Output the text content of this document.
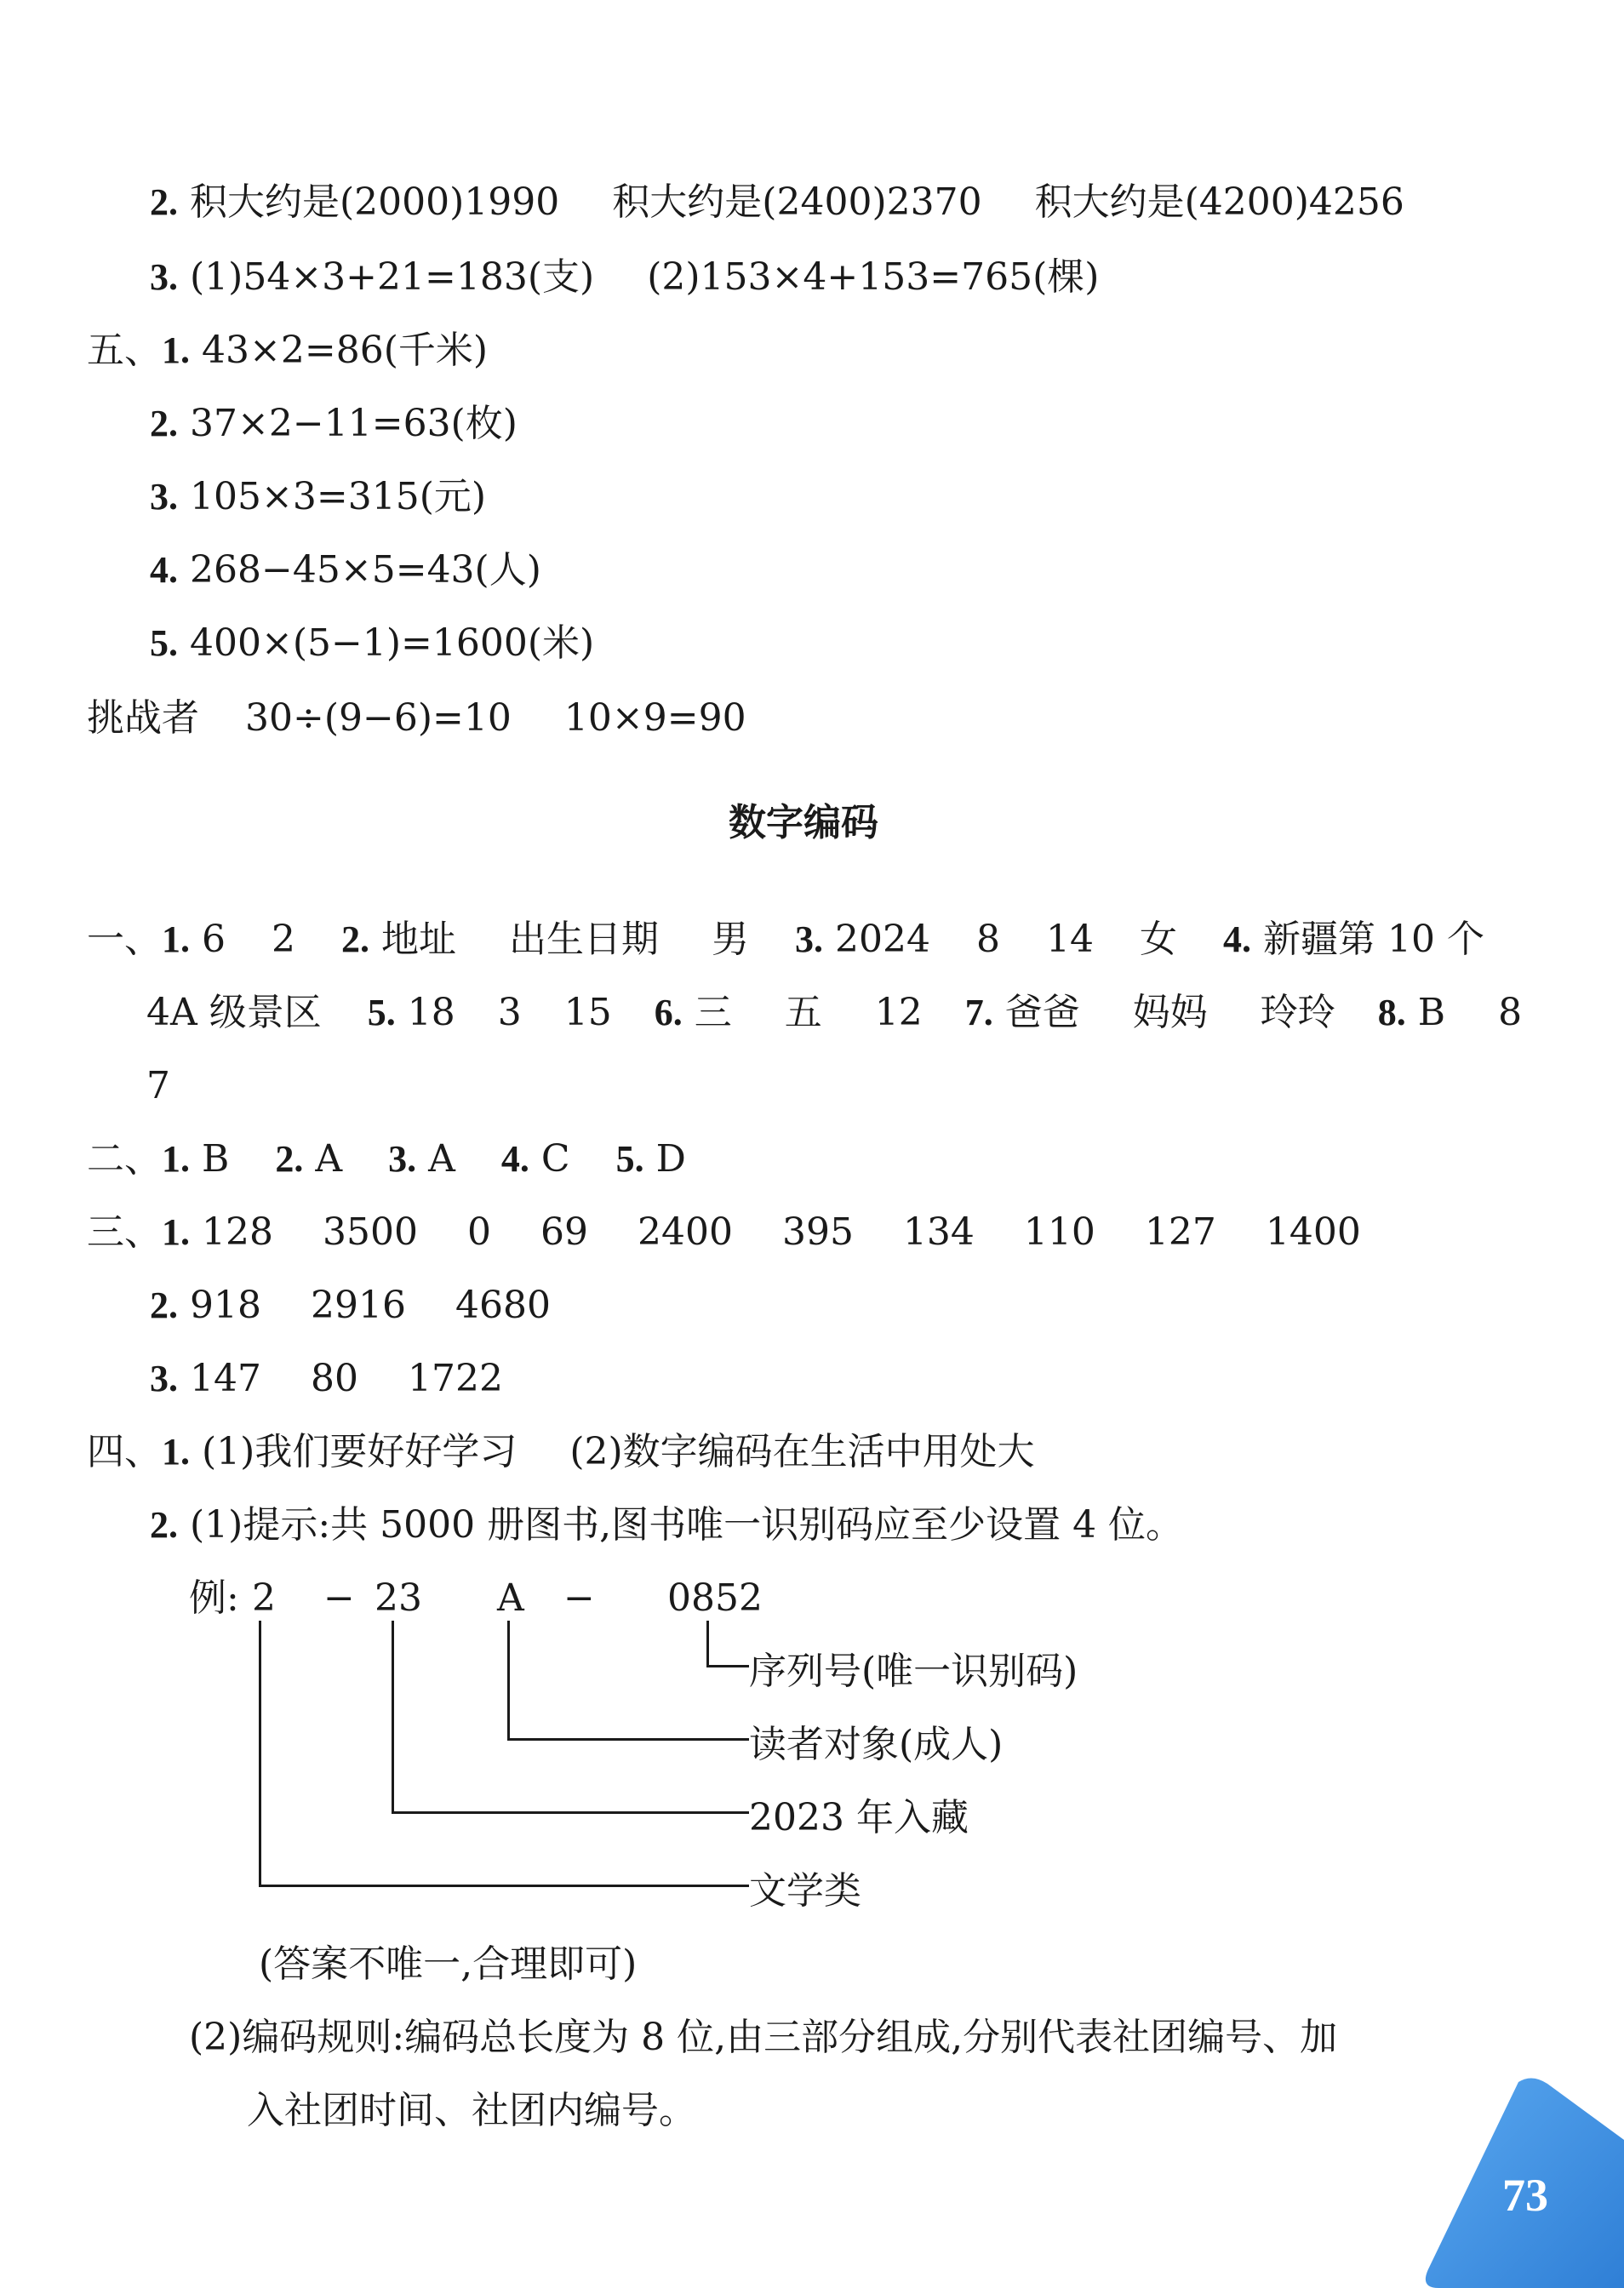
2. 积大约是(2000)1990 积大约是(2400)2370 积大约是(4200)4256
3. (1)54×3+21=183(支) (2)153×4+153=765(棵)
五、1. 43×2=86(千米)
2. 37×2−11=63(枚)
3. 105×3=315(元)
4. 268−45×5=43(人)
5. 400×(5−1)=1600(米)
挑战者 30÷(9−6)=10 10×9=90
数字编码
一、1. 6 2 2. 地址 出生日期 男 3. 2024 8 14 女 4. 新疆第 10 个
4A 级景区 5. 18 3 15 6. 三 五 12 7. 爸爸 妈妈 玲玲 8. B 8
7
二、1. B 2. A 3. A 4. C 5. D
三、1. 128 3500 0 69 2400 395 134 110 127 1400
2. 918 2916 4680
3. 147 80 1722
四、1. (1)我们要好好学习 (2)数字编码在生活中用处大
2. (1)提示:共 5000 册图书,图书唯一识别码应至少设置 4 位。
例: 2 − 23 A − 0852
序列号(唯一识别码)
读者对象(成人)
2023 年入藏
文学类
(答案不唯一,合理即可)
(2)编码规则:编码总长度为 8 位,由三部分组成,分别代表社团编号、加
入社团时间、社团内编号。
73
